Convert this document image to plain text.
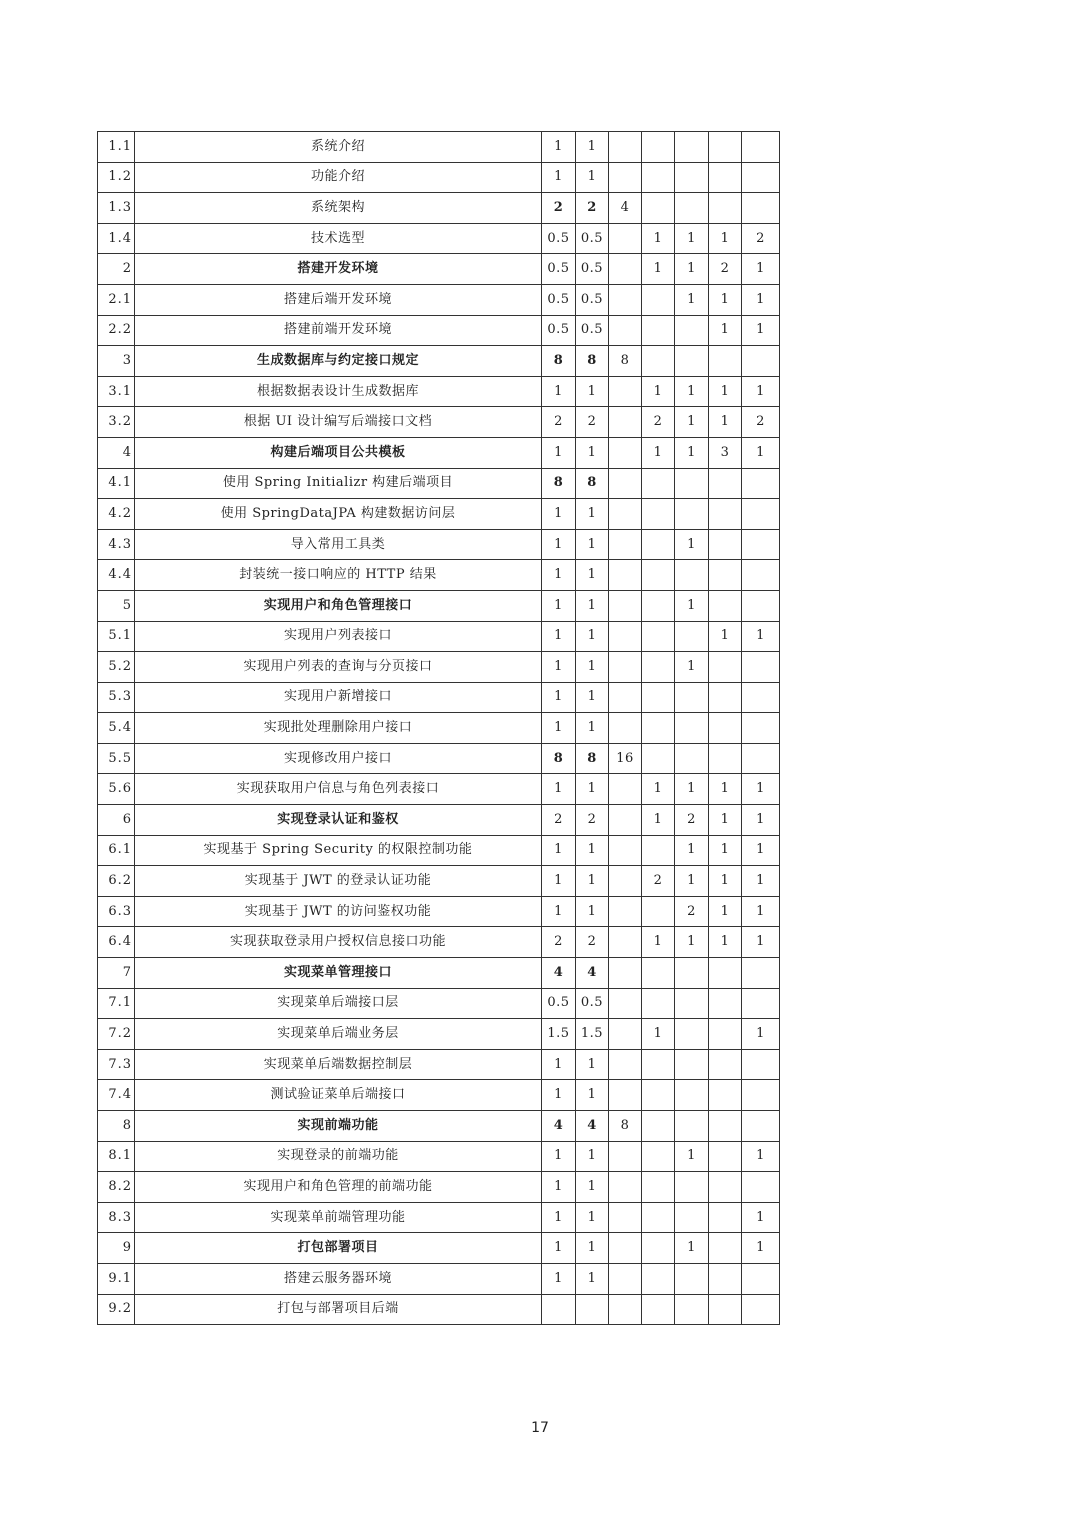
1.1	系统介绍	1	1					
1.2	功能介绍	1	1					
1.3	系统架构	2	2	4				
1.4	技术选型	0.5	0.5		1	1	1	2
2	搭建开发环境	0.5	0.5		1	1	2	1
2.1	搭建后端开发环境	0.5	0.5			1	1	1
2.2	搭建前端开发环境	0.5	0.5				1	1
3	生成数据库与约定接口规定	8	8	8				
3.1	根据数据表设计生成数据库	1	1		1	1	1	1
3.2	根据 UI 设计编写后端接口文档	2	2		2	1	1	2
4	构建后端项目公共模板	1	1		1	1	3	1
4.1	使用 Spring Initializr 构建后端项目	8	8					
4.2	使用 SpringDataJPA 构建数据访问层	1	1					
4.3	导入常用工具类	1	1			1		
4.4	封装统一接口响应的 HTTP 结果	1	1					
5	实现用户和角色管理接口	1	1			1		
5.1	实现用户列表接口	1	1				1	1
5.2	实现用户列表的查询与分页接口	1	1			1		
5.3	实现用户新增接口	1	1					
5.4	实现批处理删除用户接口	1	1					
5.5	实现修改用户接口	8	8	16				
5.6	实现获取用户信息与角色列表接口	1	1		1	1	1	1
6	实现登录认证和鉴权	2	2		1	2	1	1
6.1	实现基于 Spring Security 的权限控制功能	1	1			1	1	1
6.2	实现基于 JWT 的登录认证功能	1	1		2	1	1	1
6.3	实现基于 JWT 的访问鉴权功能	1	1			2	1	1
6.4	实现获取登录用户授权信息接口功能	2	2		1	1	1	1
7	实现菜单管理接口	4	4					
7.1	实现菜单后端接口层	0.5	0.5					
7.2	实现菜单后端业务层	1.5	1.5		1			1
7.3	实现菜单后端数据控制层	1	1					
7.4	测试验证菜单后端接口	1	1					
8	实现前端功能	4	4	8				
8.1	实现登录的前端功能	1	1			1		1
8.2	实现用户和角色管理的前端功能	1	1					
8.3	实现菜单前端管理功能	1	1					1
9	打包部署项目	1	1			1		1
9.1	搭建云服务器环境	1	1					
9.2	打包与部署项目后端							
17
